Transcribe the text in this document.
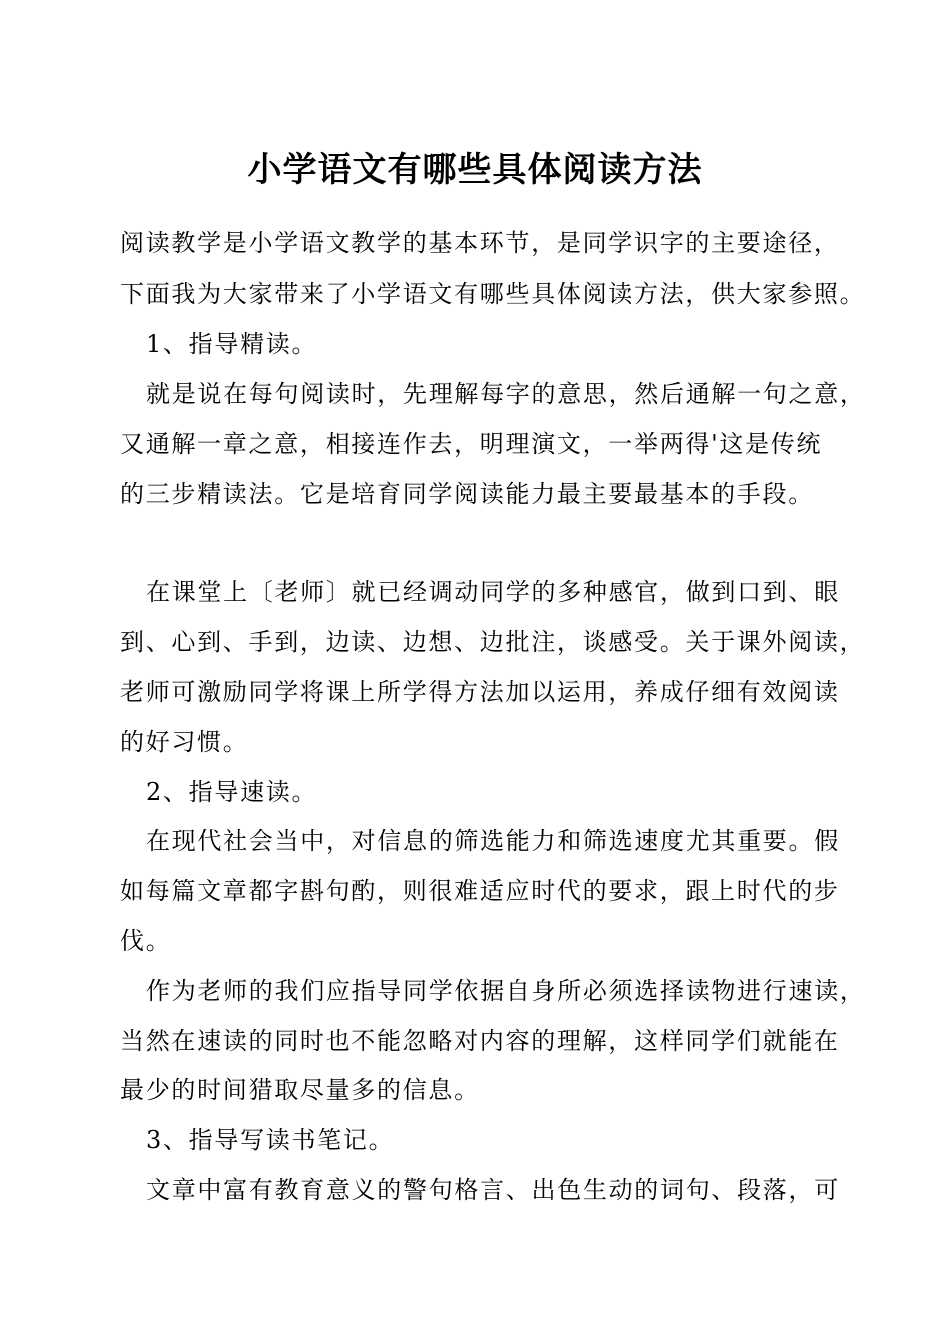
小学语文有哪些具体阅读方法
阅读教学是小学语文教学的基本环节，是同学识字的主要途径，
下面我为大家带来了小学语文有哪些具体阅读方法，供大家参照。
1、指导精读。
就是说在每句阅读时，先理解每字的意思，然后通解一句之意，
又通解一章之意，相接连作去，明理演文，一举两得'这是传统
的三步精读法。它是培育同学阅读能力最主要最基本的手段。
在课堂上〔老师〕就已经调动同学的多种感官，做到口到、眼
到、心到、手到，边读、边想、边批注，谈感受。关于课外阅读，
老师可激励同学将课上所学得方法加以运用，养成仔细有效阅读
的好习惯。
2、指导速读。
在现代社会当中，对信息的筛选能力和筛选速度尤其重要。假
如每篇文章都字斟句酌，则很难适应时代的要求，跟上时代的步
伐。
作为老师的我们应指导同学依据自身所必须选择读物进行速读，
当然在速读的同时也不能忽略对内容的理解，这样同学们就能在
最少的时间猎取尽量多的信息。
3、指导写读书笔记。
文章中富有教育意义的警句格言、出色生动的词句、段落，可
